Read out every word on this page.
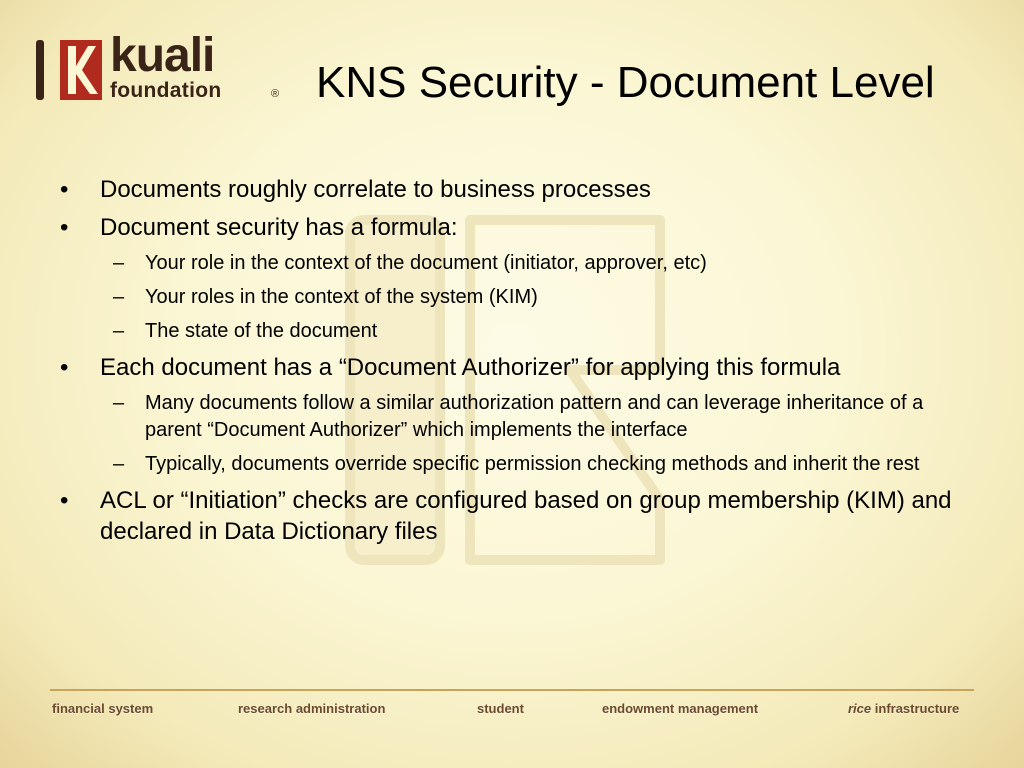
kuali
foundation	® KNS Security - Document Level
•	Documents roughly correlate to business processes
•	Document security has a formula:
– Your role in the context of the document (initiator, approver, etc)
– Your roles in the context of the system (KIM)
– The state of the document
•	Each document has a “Document Authorizer” for applying this formula
– Many documents follow a similar authorization pattern and can leverage inheritance of a parent “Document Authorizer” which implements the interface
– Typically, documents override specific permission checking methods and inherit the rest
•	ACL or “Initiation” checks are configured based on group membership (KIM) and declared in Data Dictionary files
financial system	research administration	student	endowment management	rice infrastructure
